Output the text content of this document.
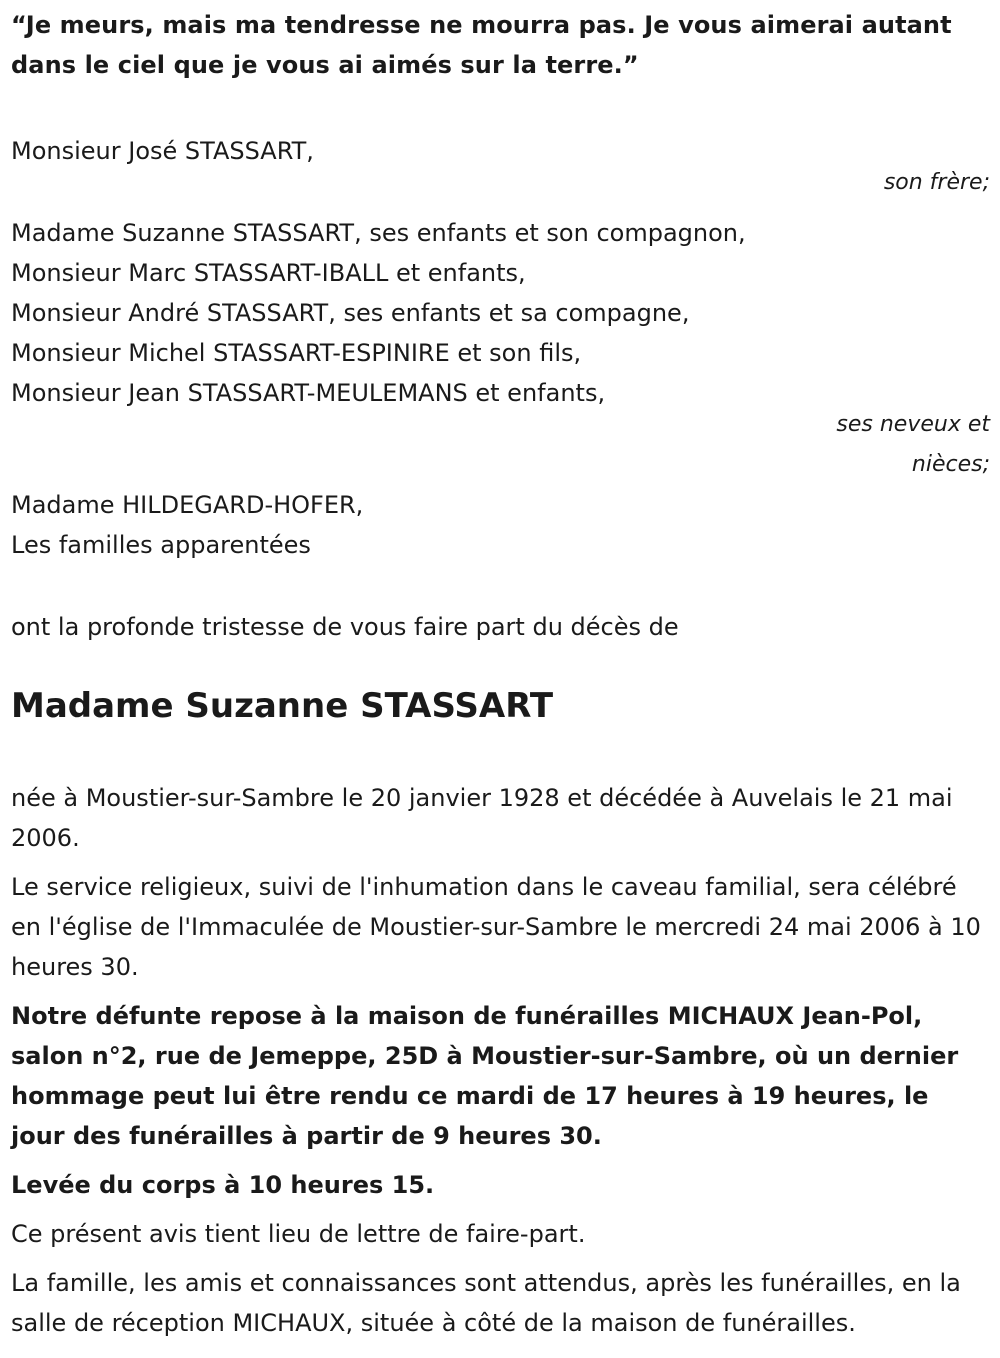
“Je meurs, mais ma tendresse ne mourra pas. Je vous aimerai autant dans le ciel que je vous ai aimés sur la terre.”

Monsieur José STASSART,

son frère;

Madame Suzanne STASSART, ses enfants et son compagnon,

Monsieur Marc STASSART-IBALL et enfants,

Monsieur André STASSART, ses enfants et sa compagne,

Monsieur Michel STASSART-ESPINIRE et son fils,

Monsieur Jean STASSART-MEULEMANS et enfants,

ses neveux et

nièces;

Madame HILDEGARD-HOFER,

Les familles apparentées

ont la profonde tristesse de vous faire part du décès de

Madame Suzanne STASSART

née à Moustier-sur-Sambre le 20 janvier 1928 et décédée à Auvelais le 21 mai 2006.

Le service religieux, suivi de l'inhumation dans le caveau familial, sera célébré en l'église de l'Immaculée de Moustier-sur-Sambre le mercredi 24 mai 2006 à 10 heures 30.

Notre défunte repose à la maison de funérailles MICHAUX Jean-Pol, salon n°2, rue de Jemeppe, 25D à Moustier-sur-Sambre, où un dernier hommage peut lui être rendu ce mardi de 17 heures à 19 heures, le jour des funérailles à partir de 9 heures 30.

Levée du corps à 10 heures 15.

Ce présent avis tient lieu de lettre de faire-part.

La famille, les amis et connaissances sont attendus, après les funérailles, en la salle de réception MICHAUX, située à côté de la maison de funérailles.
